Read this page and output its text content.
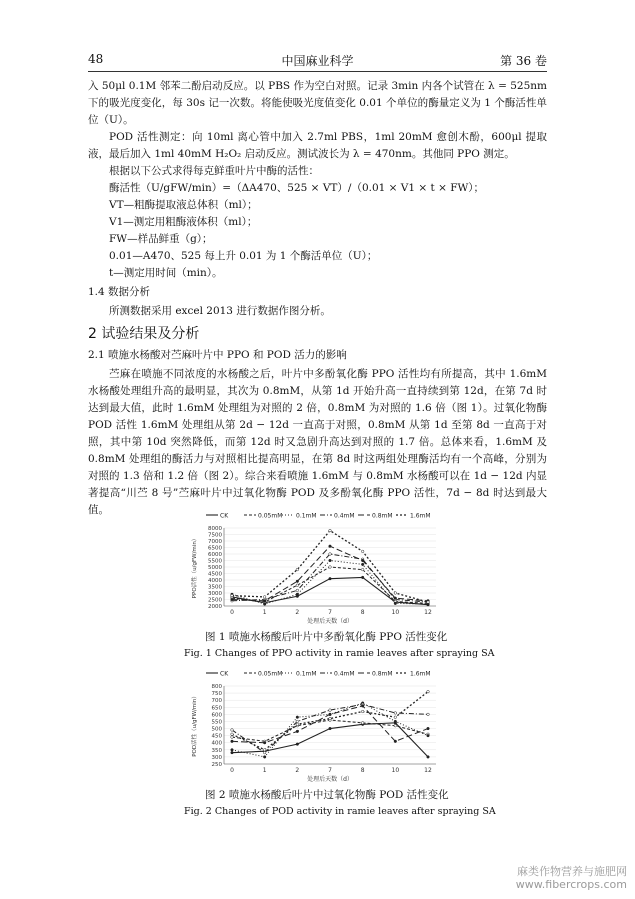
48	中国麻业科学	第 36 卷

入 50μl 0.1M 邻苯二酚启动反应。以 PBS 作为空白对照。记录 3min 内各个试管在 λ = 525nm 下的吸光度变化，每 30s 记一次数。将能使吸光度值变化 0.01 个单位的酶量定义为 1 个酶活性单位（U）。

POD 活性测定：向 10ml 离心管中加入 2.7ml PBS，1ml 20mM 愈创木酚，600μl 提取液，最后加入 1ml 40mM H₂O₂ 启动反应。测试波长为 λ = 470nm。其他同 PPO 测定。

根据以下公式求得每克鲜重叶片中酶的活性：

酶活性（U/gFW/min）=（ΔA470、525 × VT）/（0.01 × V1 × t × FW）；

VT—粗酶提取液总体积（ml）；

V1—测定用粗酶液体积（ml）；

FW—样品鲜重（g）；

0.01—A470、525 每上升 0.01 为 1 个酶活单位（U）；

t—测定用时间（min）。

1.4 数据分析

所测数据采用 excel 2013 进行数据作图分析。

2 试验结果及分析

2.1 喷施水杨酸对苎麻叶片中 PPO 和 POD 活力的影响

苎麻在喷施不同浓度的水杨酸之后，叶片中多酚氧化酶 PPO 活性均有所提高，其中 1.6mM 水杨酸处理组升高的最明显，其次为 0.8mM，从第 1d 开始升高一直持续到第 12d，在第 7d 时达到最大值，此时 1.6mM 处理组为对照的 2 倍，0.8mM 为对照的 1.6 倍（图 1）。过氧化物酶 POD 活性 1.6mM 处理组从第 2d − 12d 一直高于对照，0.8mM 从第 1d 至第 8d 一直高于对照，其中第 10d 突然降低，而第 12d 时又急剧升高达到对照的 1.7 倍。总体来看，1.6mM 及 0.8mM 处理组的酶活力与对照相比提高明显，在第 8d 时这两组处理酶活均有一个高峰，分别为对照的 1.3 倍和 1.2 倍（图 2）。综合来看喷施 1.6mM 与 0.8mM 水杨酸可以在 1d − 12d 内显著提高“川苎 8 号”苎麻叶片中过氧化物酶 POD 及多酚氧化酶 PPO 活性，7d − 8d 时达到最大值。	CK	0.05mM 0.1mM	0.4mM	0.8mM	1.6mM
2000
2500
3000
3500
4000
4500
5000
5500
6000
6500
7000
7500
8000
0	1	2	7	8	10	12
处理后天数（d）
PPO活性（u/gFW/min）
图 1 喷施水杨酸后叶片中多酚氧化酶 PPO 活性变化
Fig. 1 Changes of PPO activity in ramie leaves after spraying SA
CK	0.05mM 0.1mM	0.4mM	0.8mM	1.6mM
250
300
350
400
450
500
550
600
650
700
750
800
0	1	2	7	8	10	12
处理后天数（d）
POD活性（u/gFW/min）
图 2 喷施水杨酸后叶片中过氧化物酶 POD 活性变化
Fig. 2 Changes of POD activity in ramie leaves after spraying SA
麻类作物营养与施肥网
www.fibercrops.com
